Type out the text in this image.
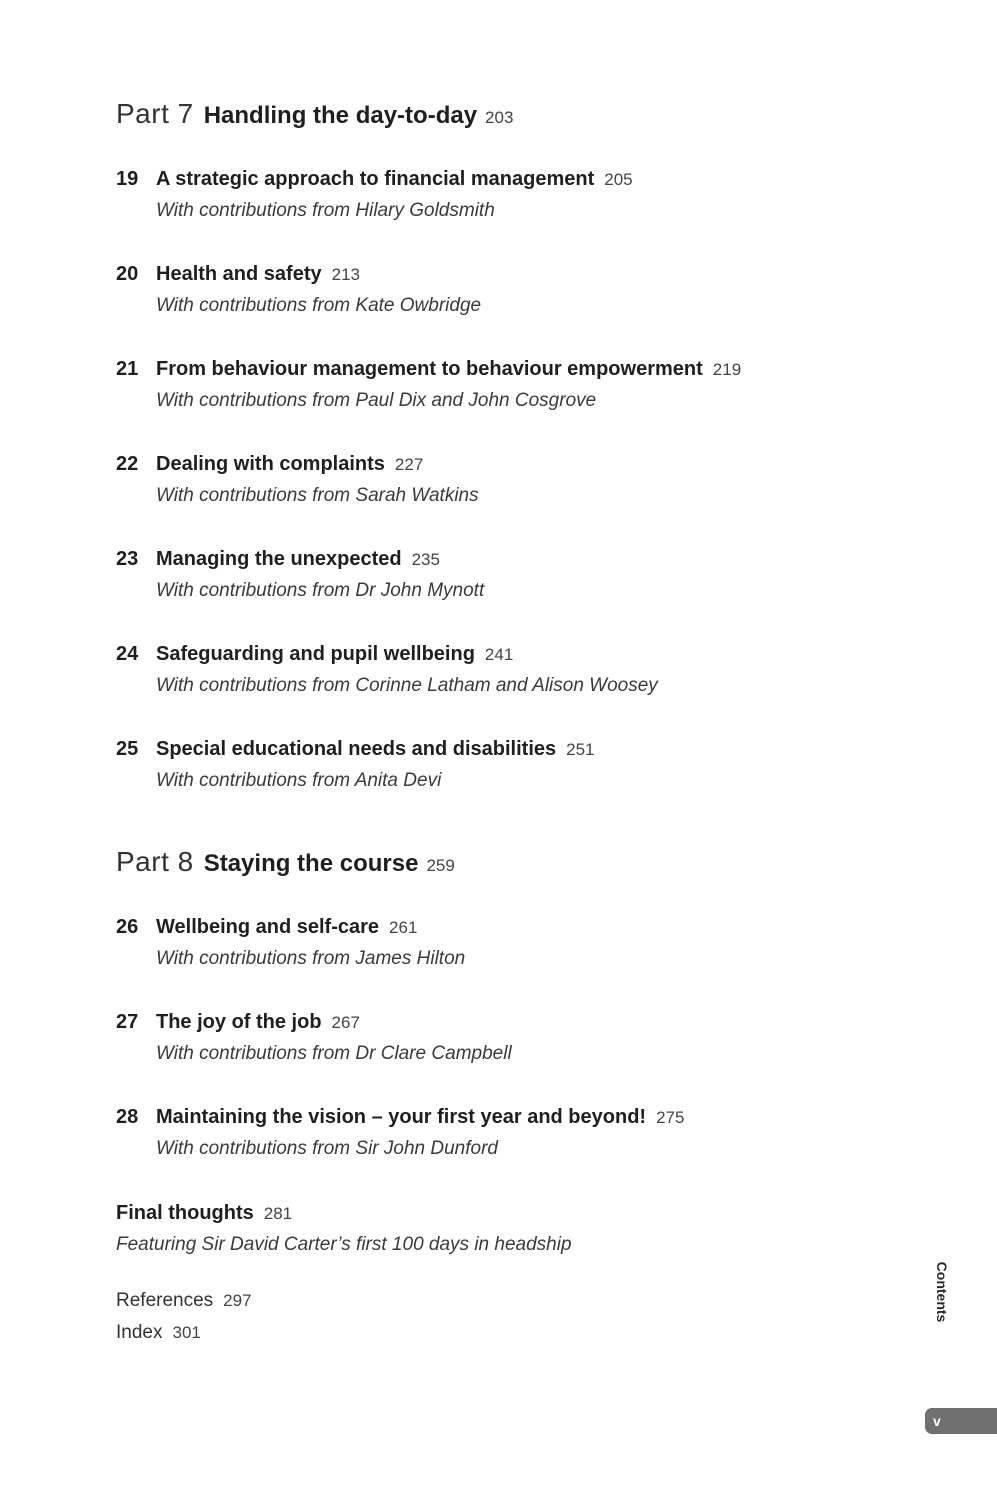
Part 7 Handling the day-to-day 203
19 A strategic approach to financial management 205
With contributions from Hilary Goldsmith
20 Health and safety 213
With contributions from Kate Owbridge
21 From behaviour management to behaviour empowerment 219
With contributions from Paul Dix and John Cosgrove
22 Dealing with complaints 227
With contributions from Sarah Watkins
23 Managing the unexpected 235
With contributions from Dr John Mynott
24 Safeguarding and pupil wellbeing 241
With contributions from Corinne Latham and Alison Woosey
25 Special educational needs and disabilities 251
With contributions from Anita Devi
Part 8 Staying the course 259
26 Wellbeing and self-care 261
With contributions from James Hilton
27 The joy of the job 267
With contributions from Dr Clare Campbell
28 Maintaining the vision – your first year and beyond! 275
With contributions from Sir John Dunford
Final thoughts 281
Featuring Sir David Carter’s first 100 days in headship
References 297
Index 301
Contents
v
